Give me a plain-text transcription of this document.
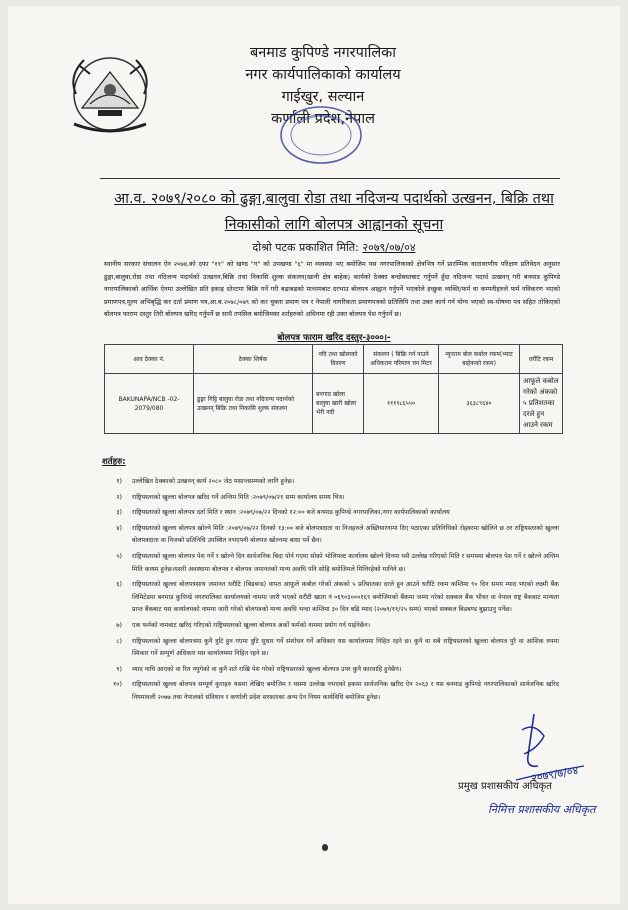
बनमाड कुपिण्डे नगरपालिका
नगर कार्यपालिकाको कार्यालय
गाईखुर, सल्यान
कर्णाली प्रदेश,नेपाल
आ.व. २०७९/२०८० को ढुङ्गा,बालुवा रोडा तथा नदिजन्य पदार्थको उत्खनन, बिक्रि तथा
निकासीको लागि बोलपत्र आह्वानको सूचना
दोश्रो पटक प्रकाशित मिति: २०७९/०७/०४
स्थानीय सरकार संचालन ऐन २०७४,को दफा "११" को खण्ड "ग" को उपखण्ड "६" मा व्यवस्था भए बमोजिम यस नगरपालिकाको क्षेत्रभित्र गर्ने प्रारम्भिक वातावरणीय परिक्षण प्रतिवेदन अनुसार ढुङ्गा,बालुवा,रोडा तथा नदिजन्य पदार्थको उत्खनन,बिक्रि तथा निकासि शुल्क संकलन(खानी क्षेत्र बाहेक) कार्यको ठेक्का बन्दोबस्तबाट गर्नुपर्ने हुँदा नदिजन्य पदार्थ उत्खनन् गरी बनमाड कुपिण्डे नगरपालिकाको आर्थिक ऐनमा उल्लेखित प्रति इकाइ दरेरटमा बिक्रि गर्ने गरी बढाबढको माध्यमबाट दरभाउ बोलपत्र आह्वान गर्नुपर्ने भएकोले इच्छुक व्यक्ति/फर्म वा कम्पनीहरुले फर्म नविकरण भएको प्रमाणपत्र,मूल्य अभिबृद्धि कर दर्ता प्रमाण पत्र,आ.ब.२०७८/०७९ को कर चुक्ता प्रमाण पत्र र नेपाली नागरिकता प्रमाणपत्रको प्रतिलिपि तथा उक्त कार्य गर्न योग्य भएको स्व-घोषणा पत्र सहित तोकिएको बोलपत्र फाराम दस्तुर तिरी बोलपत्र खरिद गर्नुपर्ने छ साथै तपसिल बमोजिमका शर्तहरुको अधिनमा रही उक्त बोलपत्र पेश गर्नुपर्ने छ।
बोलपत्र फाराम खरिद दस्तुर-३०००।-
आव ठेक्का नं.	ठेक्का शिर्षक	नदि तथा खोलाको विवरण	संकलन ( बिक्रि गर्न पाउने अधिकतम परिमाण घन मिटर	न्युनतम बोल कबोल रकम(भ्याट बाहेकको रकम)	धरौटि रकम
BAKUNAPA/NCB -02-2079/080	ढुङ्गा गिट्टि बालुवा रोडा तथा नदिजन्य पदार्थको उत्खनन् बिक्रि तथा निकासि शुल्क संकलन	बनगाड खोला बालुवा खारी खोला भेरी नदी	१११९८६५५०	३६३८९६४०	आफूले कबोल गरेको अंकको ५ प्रतिशतका दरले हुन आउने रकम
शर्तहरु:
१)	उल्लेखित ठेक्काको उत्खनन् कार्य २०८० जेठ मसान्तसम्मको लागि हुनेछ।
२)	राष्ट्रियस्तरको खुल्ला बोलपत्र खरिद गर्ने अन्तिम मिति :२०७९/०७/२१ सम्म कार्यालय समय भित्र।
३)	राष्ट्रियस्तरको खुल्ला बोलपत्र दर्ता मिति र स्थान :२०७९/०७/२२ दिनको १२:०० बजे बनमाड कुपिण्डे नगरपालिका,नगर कार्यपालिकाको कार्यालय
४)	राष्ट्रियस्तरको खुल्ला बोलपत्र खोल्ने मिति :२०७९/०७/२२ दिनको १३:०० बजे बोलपत्रदाता वा निजहरुले अख्तियारनामा दिए पठाएका प्रतिनिधिको रोहबरमा खोलिने छ तर राष्ट्रियस्तरको खुल्ला बोलपत्रदाता वा निजको प्रतिनिधि उपस्थित नभएपनी बोलपत्र खोल्नमा बाधा पर्ने छैन।
५)	राष्ट्रियस्तरको खुल्ला बोलपत्र पेश गर्ने र खोल्ने दिन सार्वजनिक बिदा पोर्न गएमा सोको भोलिपल्ट कार्यालय खोल्ने दिनमा यसै उल्लेख गरिएको मिति र समयमा बोलपत्र पेश गर्ने र खोल्ने अन्तिम मिति कायम हुनेछ।यसरी अवस्थामा बोलपत्र र बोलपत्र जमानतको मान्य अवधि पनि सोहि बमोजिमले मिलिरहेको मानिने छ।
६)	राष्ट्रियस्तरको खुल्ला बोलपत्रसाथ जमानत धरौटि (बिडबन्ड) वापत आफूले कबोल गरेको अंकको ५ प्रतिशतका दरले हुन आउने धरौटि रकम कम्तिमा ९० दिन समय म्याद भएको लक्ष्मी बैंक लिमिटेडमा बनमाड कुपिण्डे नगरपालिका कार्यालयको नाममा जारी भएको धरौटी खाता नं ०६९०३०००१६९ बमोजिमको बैंकमा जम्मा गरेको सक्कल बैंक भौचर वा नेपाल राष्ट्र बैंकबाट मान्यता प्राप्त बैंकबाट यस कार्यालयको नाममा जारी गरेको बोलपत्रको मान्य अवधि भन्दा कम्तिमा ३० दिन बढि म्याद (२०७९/११/२५ सम्म) भएको सक्कल बिडबण्ड बुझाउनु पर्नेछ।
७)	एक फर्मको नामबाट खरिद गरिएको राष्ट्रियस्तरको खुल्ला बोलपत्र अर्को फर्मको नाममा प्रयोग गर्न पाईनेछैन।
८)	राष्ट्रियस्तरको खुल्ला बोलपत्रमा कुनै त्रुटि हुन गएमा त्रुटि सुधार गर्ने संशोधन गर्ने अधिकार यस कार्यालयमा निहित रहने छ। कुनै वा सबै राष्ट्रियस्तरको खुल्ला बोलपत्र पुरै वा आंशिक रुपमा स्विकार गर्ने सम्पूर्ण अधिकार यस कार्यालयमा निहित रहने छ।
९)	म्याद नाघि आएको वा रित नपुगेको वा कुनै शर्त राखि पेश गरेको राष्ट्रियस्तरको खुल्ला बोलपत्र उपर कुनै कारवाहि हुनेछैन।
१०)	राष्ट्रियस्तरको खुल्ला बोलपत्र सम्पूर्ण कुराहरु यसमा लेखिए बमोजिम र यसमा उल्लेख नभएको हकमा सार्वजनिक खरिद ऐन २०६३ र यस बनमाड कुपिण्डे नगरपालिकाको सार्वजनिक खरिद नियमावली २०७७ तथा नेपालको संविधान र कर्णाली प्रदेश सरकारका अन्य ऐन नियम कार्यविधि बमोजिम हुनेछ।
२०७९/७/०४
प्रमुख प्रशासकीय अधिकृत
निमित्त प्रशासकीय अधिकृत
